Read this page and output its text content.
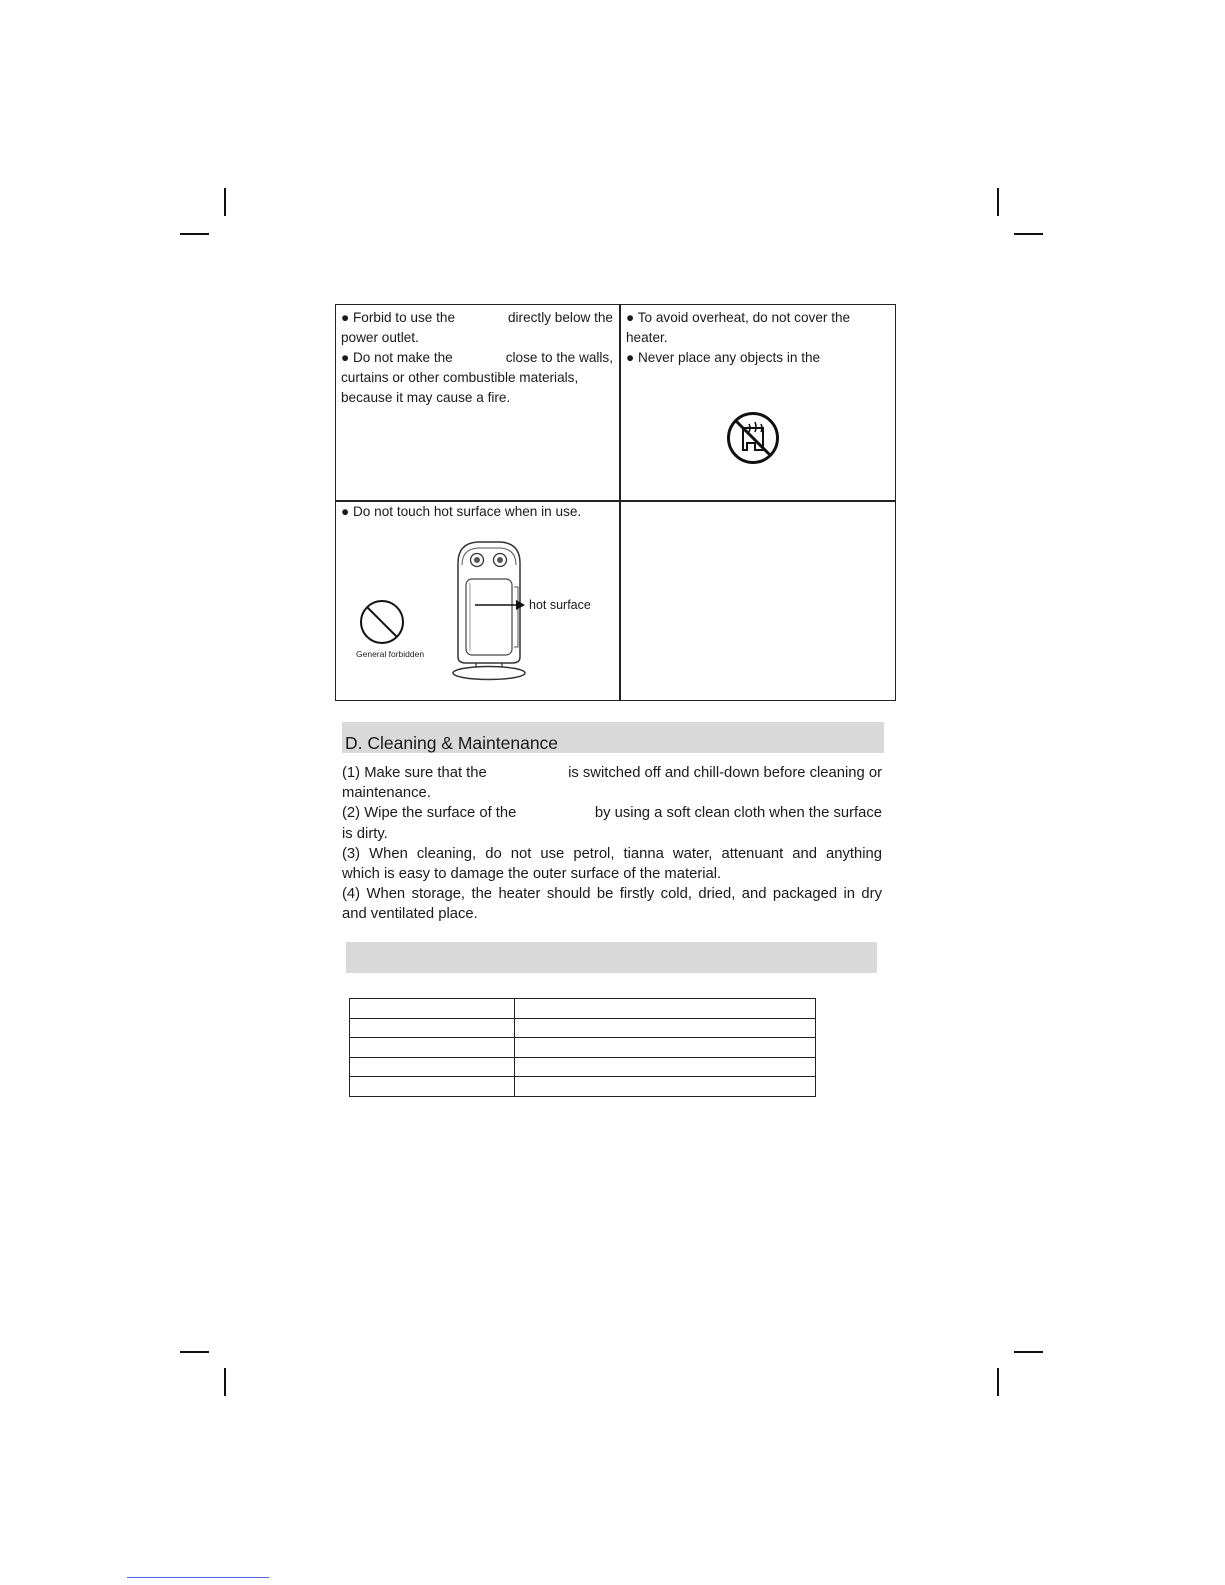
● Forbid to use the	directly below the
power outlet.
● Do not make the	close to the walls,
curtains or other combustible materials,
because it may cause a fire.
● To avoid overheat, do not cover the
heater.
● Never place any objects in the
● Do not touch hot surface when in use.
General forbidden
hot surface
D. Cleaning & Maintenance
(1) Make sure that the	is switched off and chill-down before cleaning or
maintenance.
(2) Wipe the surface of the	by using a soft clean cloth when the surface
is dirty.
(3) When cleaning, do not use petrol, tianna water, attenuant and anything
which is easy to damage the outer surface of the material.
(4) When storage, the heater should be firstly cold, dried, and packaged in dry
and ventilated place.
